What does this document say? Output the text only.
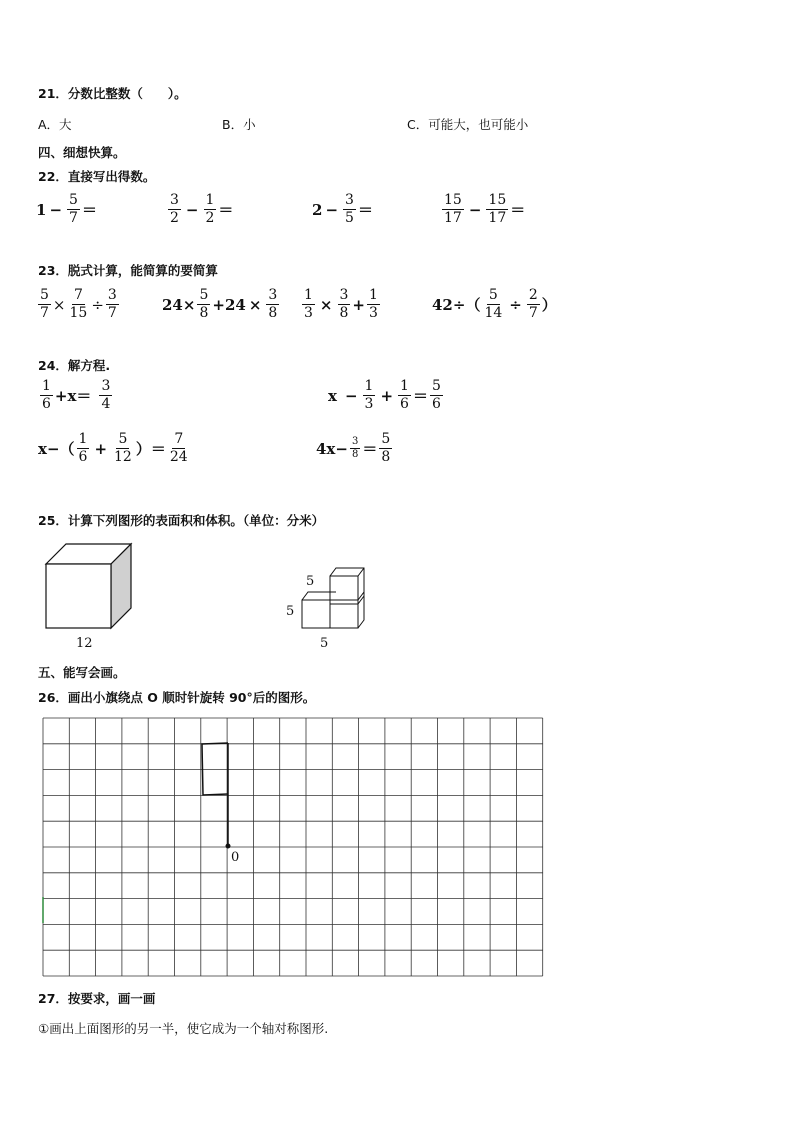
21．分数比整数（　　）。
A．大	B．小	C．可能大，也可能小
四、细想快算。
22．直接写出得数。
$1 - \frac{5}{7}$ ＝	$\frac{3}{2} - \frac{1}{2}$ ＝	$2 - \frac{3}{5}$ ＝	$\frac{15}{17} - \frac{15}{17}$ ＝
23．脱式计算，能简算的要简算
$\frac{5}{7} \times \frac{7}{15} \div \frac{3}{7}$	$24\times \frac{5}{8} +24 \times \frac{3}{8} \frac{1}{3} \times \frac{3}{8} + \frac{1}{3}$	$42\div( \frac{5}{14} \div \frac{2}{7}$ ）
24．解方程.
$\frac{1}{6} +x= \frac{3}{4}$	$x - \frac{1}{3} + \frac{1}{6} = \frac{5}{6}$
$x-( \frac{1}{6} + \frac{5}{12}$ ）＝ $\frac{7}{24}$	$4x- \frac{3}{8} = \frac{5}{8}$
25．计算下列图形的表面积和体积。（单位：分米）
12
5
5
5
五、能写会画。
26．画出小旗绕点 O 顺时针旋转 90°后的图形。
0
27．按要求，画一画
①画出上面图形的另一半，使它成为一个轴对称图形.
